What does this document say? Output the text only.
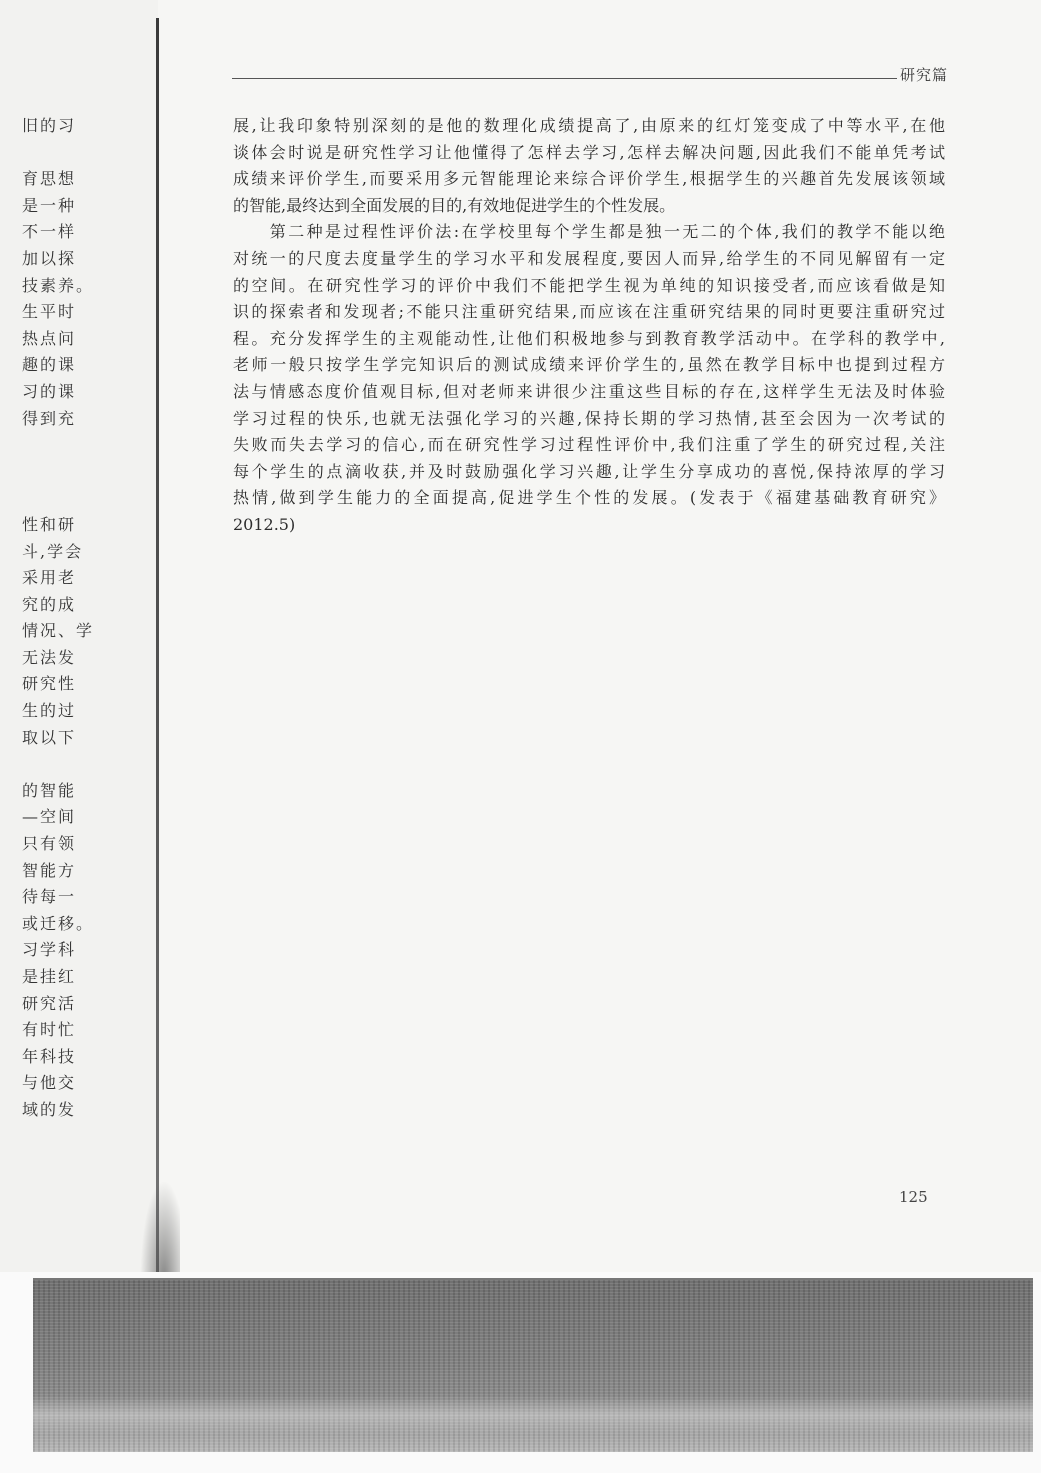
旧的习
育思想
是一种
不一样
加以探
技素养。
生平时
热点问
趣的课
习的课
得到充
性和研
斗,学会
采用老
究的成
情况、学
无法发
研究性
生的过
取以下
的智能
—空间
只有领
智能方
待每一
或迁移。
习学科
是挂红
研究活
有时忙
年科技
与他交
域的发
研究篇
展,让我印象特别深刻的是他的数理化成绩提高了,由原来的红灯笼变成了中等水平,在他
谈体会时说是研究性学习让他懂得了怎样去学习,怎样去解决问题,因此我们不能单凭考试
成绩来评价学生,而要采用多元智能理论来综合评价学生,根据学生的兴趣首先发展该领域
的智能,最终达到全面发展的目的,有效地促进学生的个性发展。
　　第二种是过程性评价法:在学校里每个学生都是独一无二的个体,我们的教学不能以绝
对统一的尺度去度量学生的学习水平和发展程度,要因人而异,给学生的不同见解留有一定
的空间。在研究性学习的评价中我们不能把学生视为单纯的知识接受者,而应该看做是知
识的探索者和发现者;不能只注重研究结果,而应该在注重研究结果的同时更要注重研究过
程。充分发挥学生的主观能动性,让他们积极地参与到教育教学活动中。在学科的教学中,
老师一般只按学生学完知识后的测试成绩来评价学生的,虽然在教学目标中也提到过程方
法与情感态度价值观目标,但对老师来讲很少注重这些目标的存在,这样学生无法及时体验
学习过程的快乐,也就无法强化学习的兴趣,保持长期的学习热情,甚至会因为一次考试的
失败而失去学习的信心,而在研究性学习过程性评价中,我们注重了学生的研究过程,关注
每个学生的点滴收获,并及时鼓励强化学习兴趣,让学生分享成功的喜悦,保持浓厚的学习
热情,做到学生能力的全面提高,促进学生个性的发展。(发表于《福建基础教育研究》
2012.5)
125
